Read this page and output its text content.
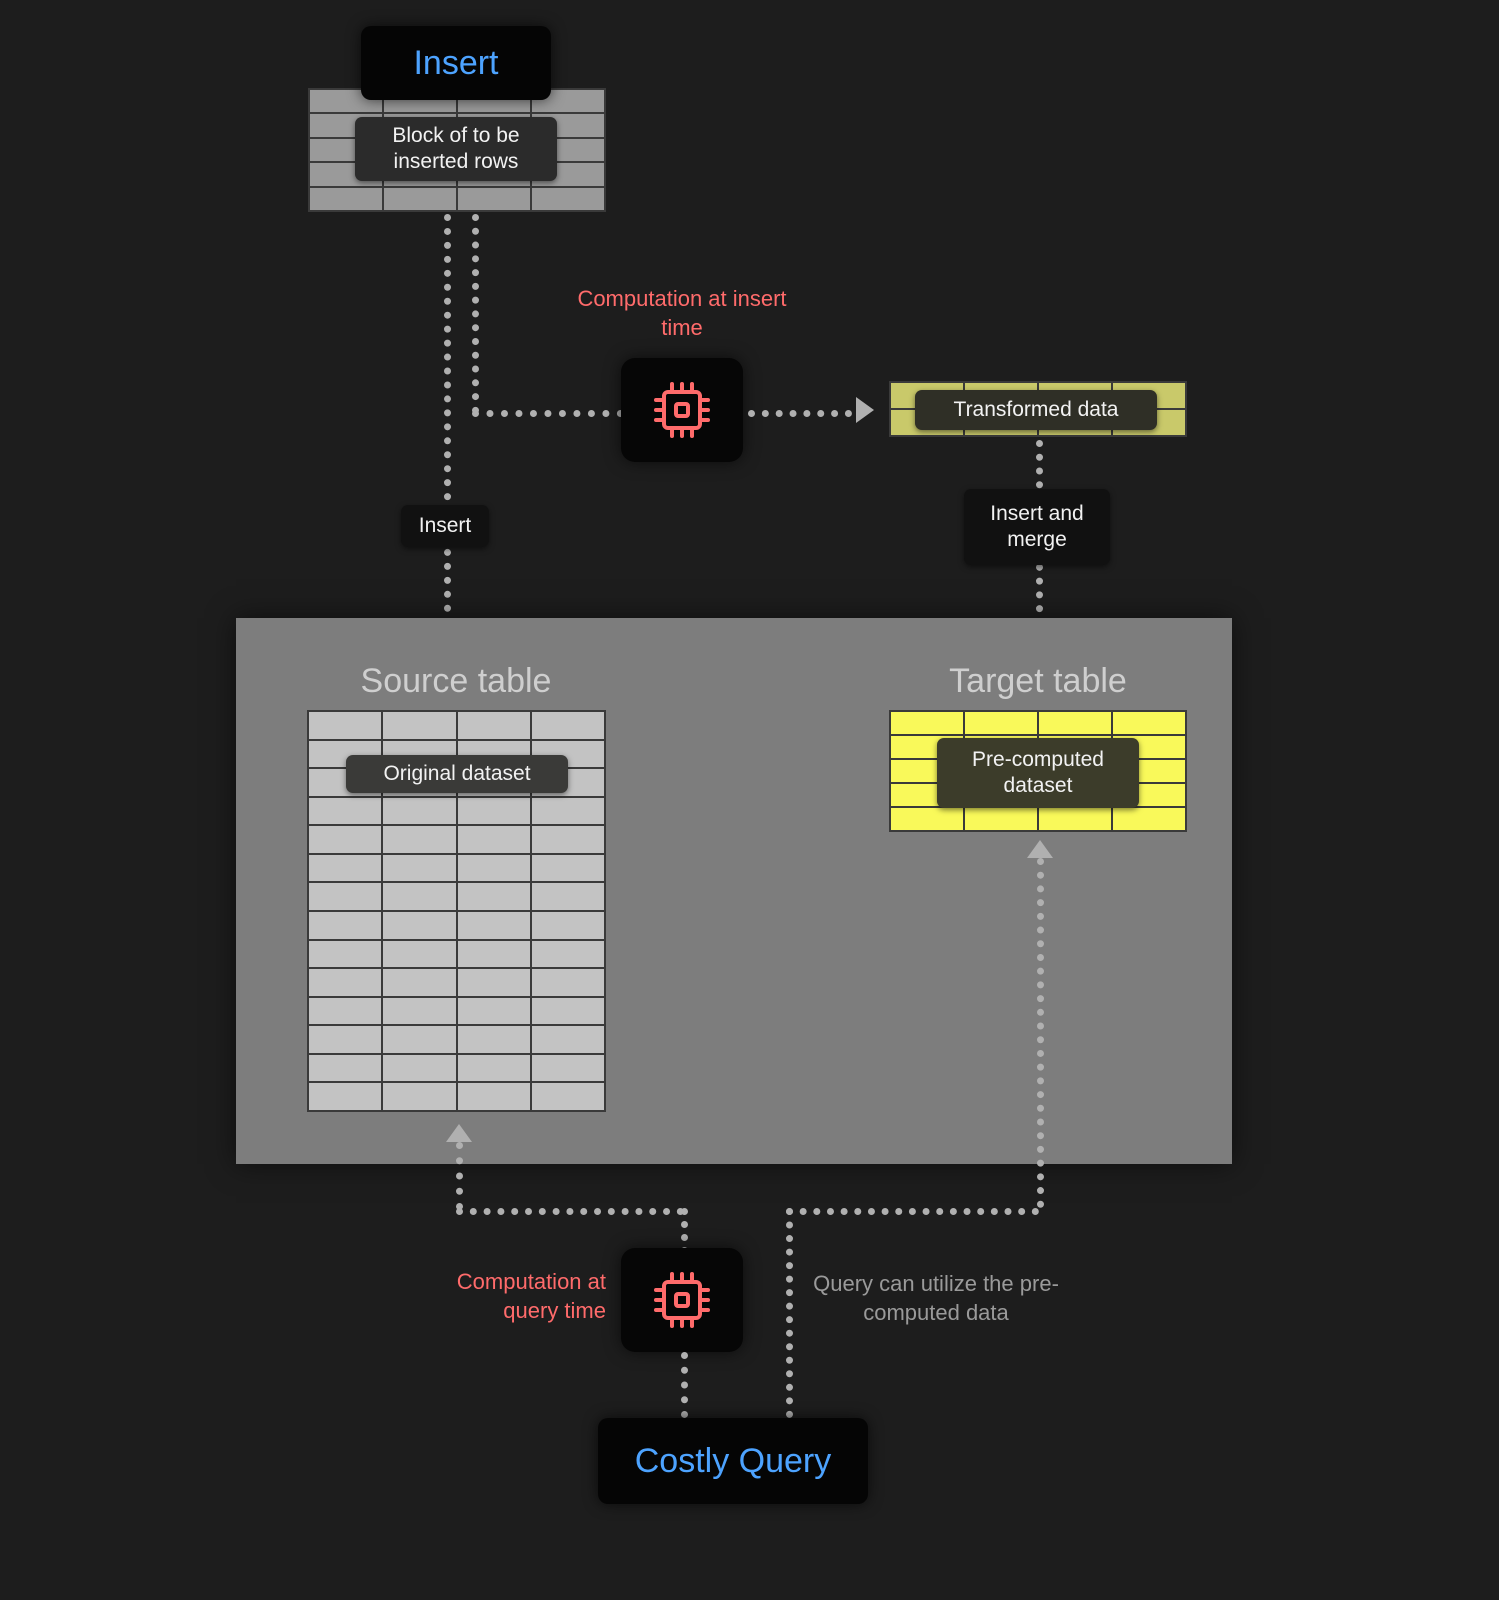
Insert
Block of to be inserted rows
Insert
Computation at insert time
Transformed data
Insert and merge
Source table
Original dataset
Target table
Pre-computed dataset
Computation at query time
Query can utilize the pre-computed data
Costly Query
